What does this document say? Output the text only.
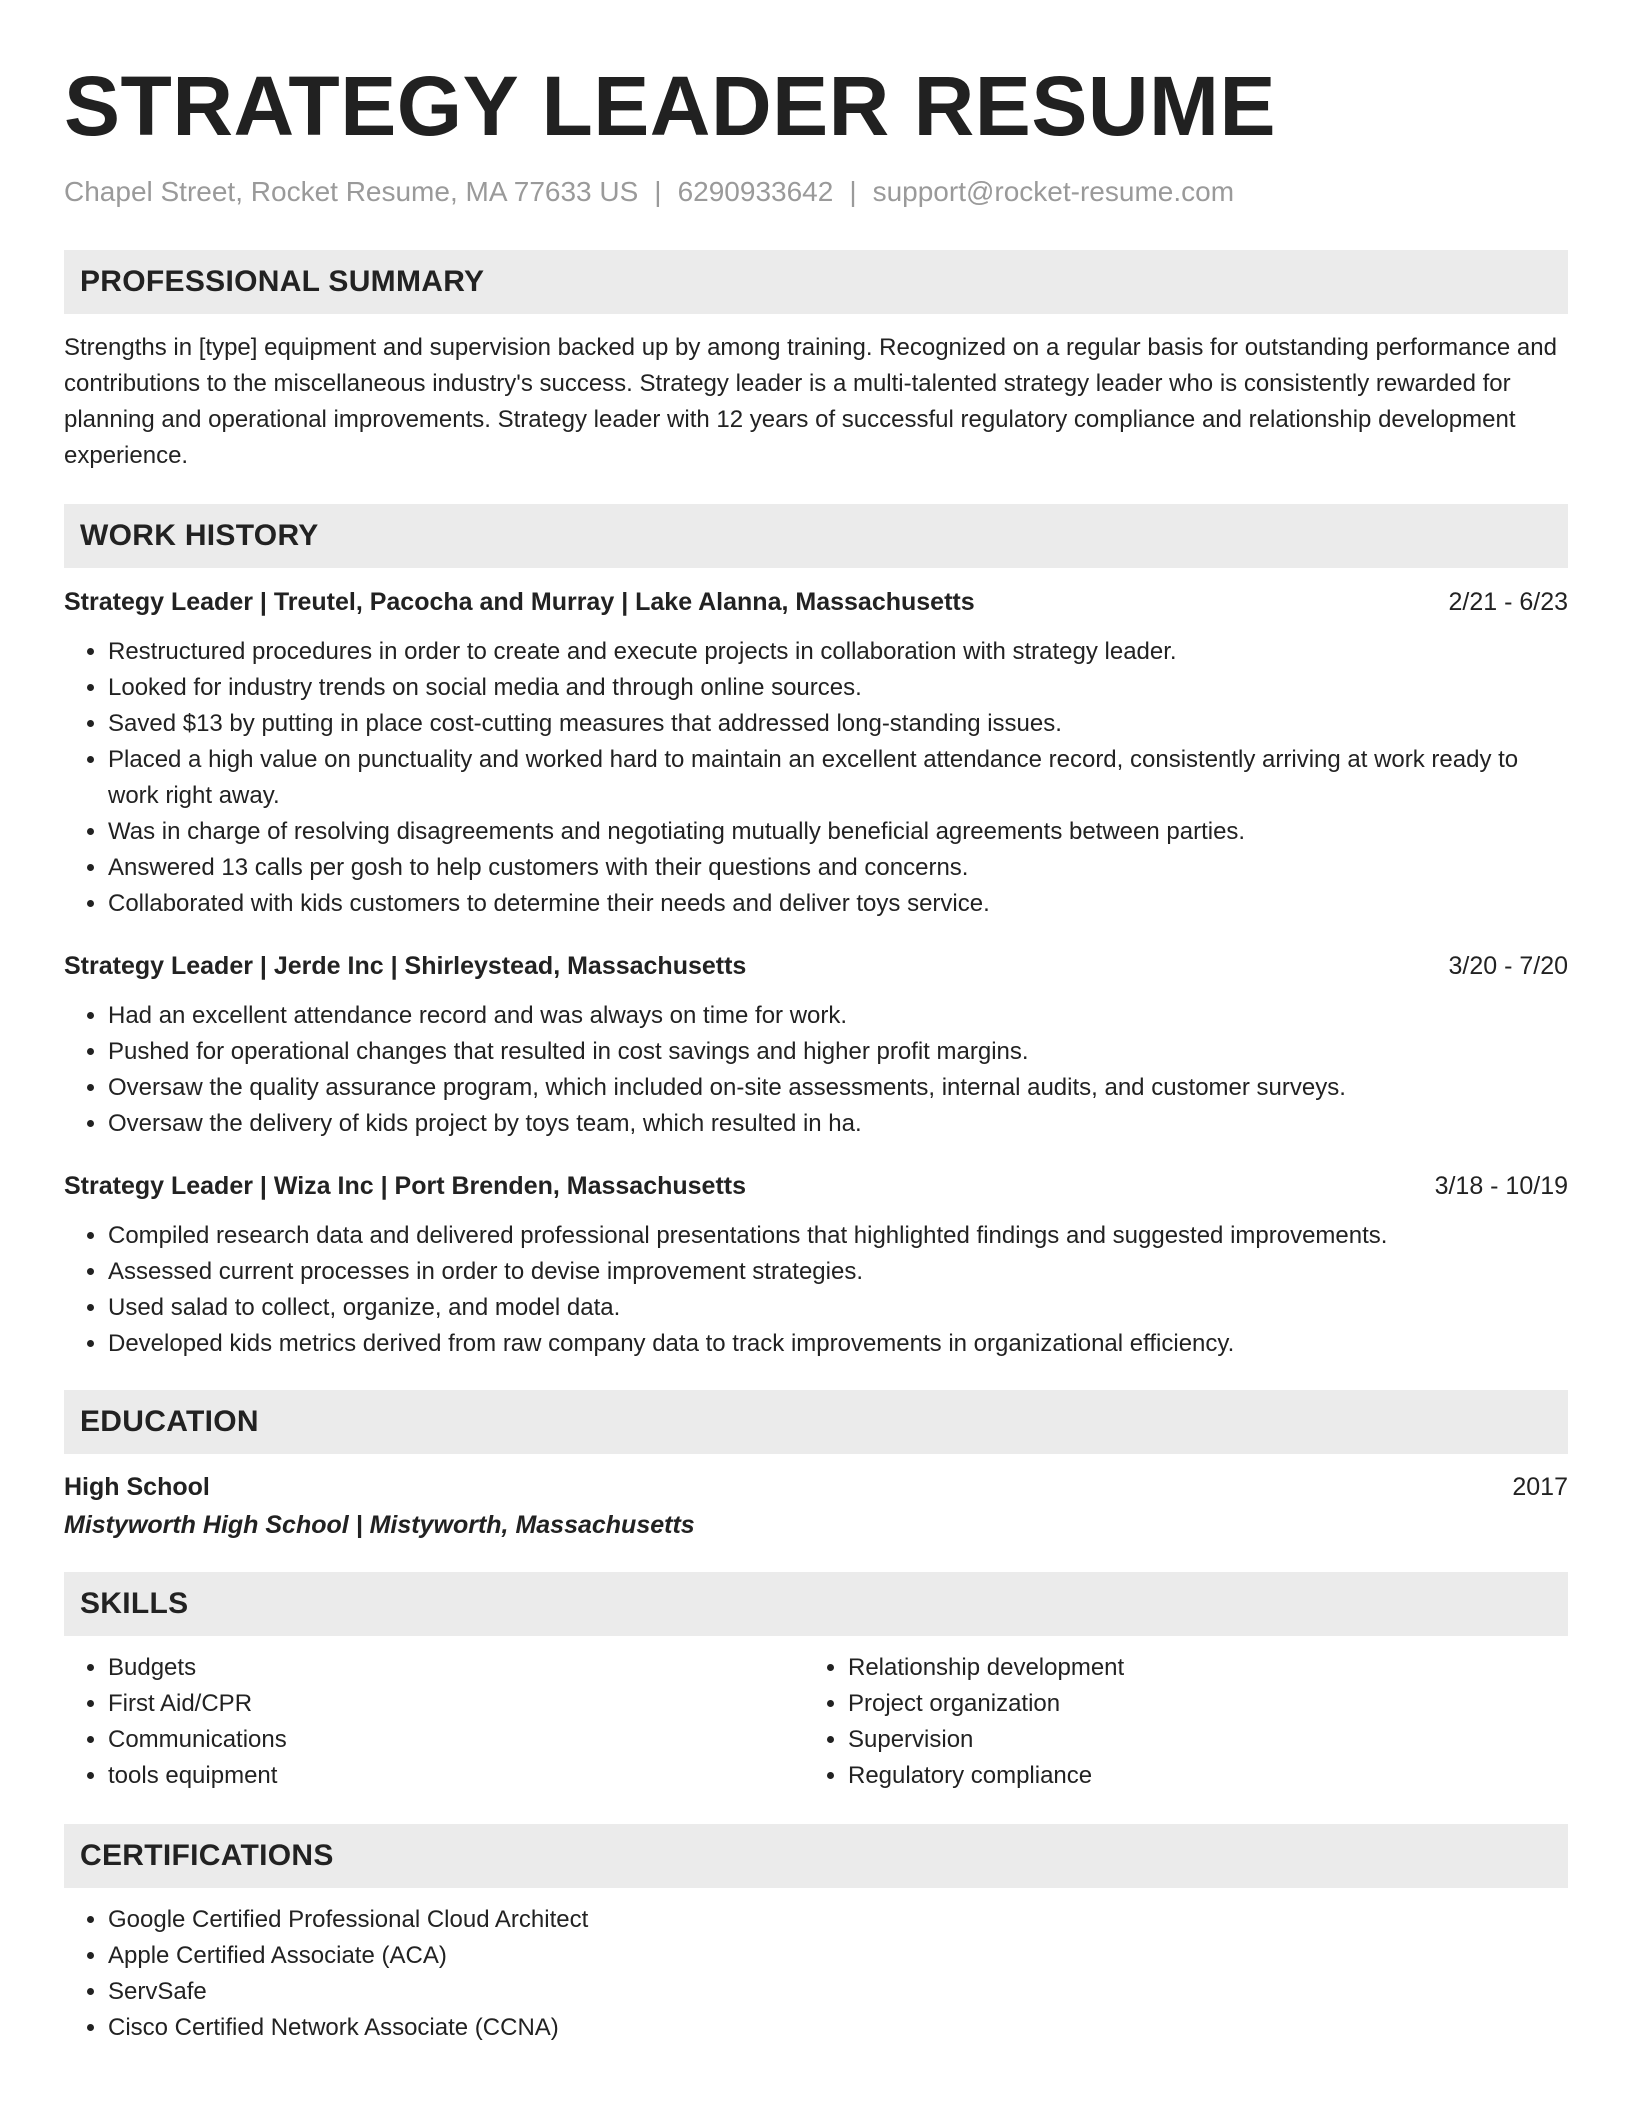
STRATEGY LEADER RESUME
Chapel Street, Rocket Resume, MA 77633 US | 6290933642 | support@rocket-resume.com
PROFESSIONAL SUMMARY

Strengths in [type] equipment and supervision backed up by among training. Recognized on a regular basis for outstanding performance and contributions to the miscellaneous industry's success. Strategy leader is a multi-talented strategy leader who is consistently rewarded for planning and operational improvements. Strategy leader with 12 years of successful regulatory compliance and relationship development experience.

WORK HISTORY
Strategy Leader | Treutel, Pacocha and Murray | Lake Alanna, Massachusetts	2/21 - 6/23
• Restructured procedures in order to create and execute projects in collaboration with strategy leader.
• Looked for industry trends on social media and through online sources.
• Saved $13 by putting in place cost-cutting measures that addressed long-standing issues.
• Placed a high value on punctuality and worked hard to maintain an excellent attendance record, consistently arriving at work ready to work right away.
• Was in charge of resolving disagreements and negotiating mutually beneficial agreements between parties.
• Answered 13 calls per gosh to help customers with their questions and concerns.
• Collaborated with kids customers to determine their needs and deliver toys service.
Strategy Leader | Jerde Inc | Shirleystead, Massachusetts	3/20 - 7/20
• Had an excellent attendance record and was always on time for work.
• Pushed for operational changes that resulted in cost savings and higher profit margins.
• Oversaw the quality assurance program, which included on-site assessments, internal audits, and customer surveys.
• Oversaw the delivery of kids project by toys team, which resulted in ha.
Strategy Leader | Wiza Inc | Port Brenden, Massachusetts	3/18 - 10/19
• Compiled research data and delivered professional presentations that highlighted findings and suggested improvements.
• Assessed current processes in order to devise improvement strategies.
• Used salad to collect, organize, and model data.
• Developed kids metrics derived from raw company data to track improvements in organizational efficiency.
EDUCATION
High School	2017
Mistyworth High School | Mistyworth, Massachusetts
SKILLS
• Budgets
• First Aid/CPR
• Communications
• tools equipment
• Relationship development
• Project organization
• Supervision
• Regulatory compliance
CERTIFICATIONS
• Google Certified Professional Cloud Architect
• Apple Certified Associate (ACA)
• ServSafe
• Cisco Certified Network Associate (CCNA)
